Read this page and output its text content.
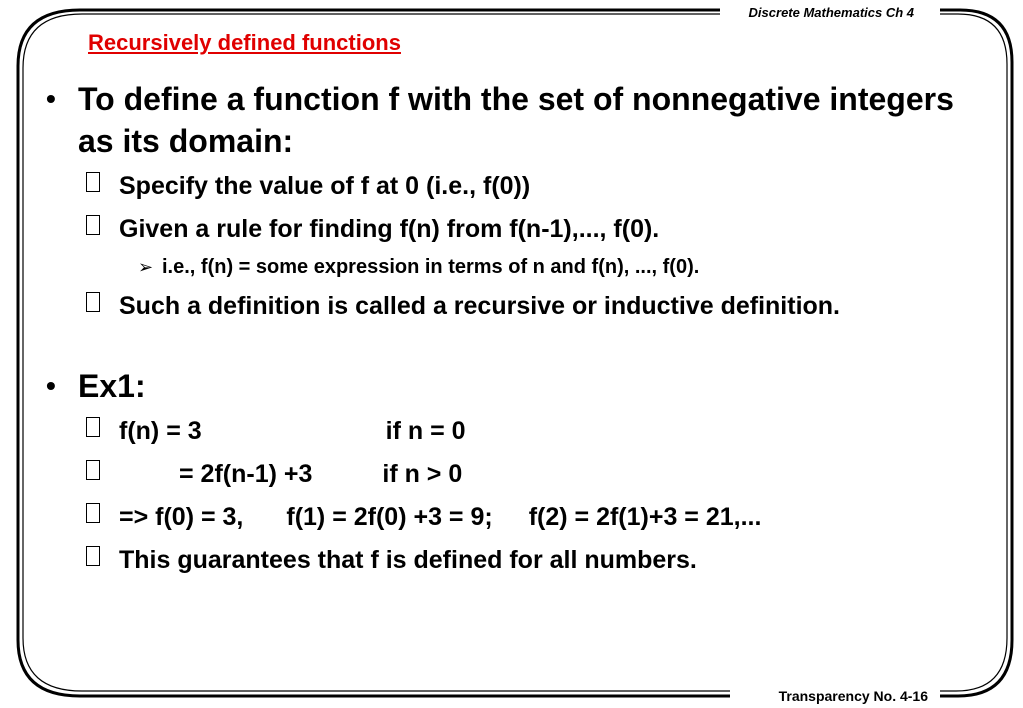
Discrete Mathematics Ch 4
Transparency No. 4-16
Recursively defined functions
• To define a function f with the set of nonnegative integers as its domain:
Specify the value of f at 0 (i.e., f(0))
Given a rule for finding f(n) from f(n-1),..., f(0).
➢ i.e., f(n) = some expression in terms of n and f(n), ..., f(0).
Such a definition is called a recursive or inductive definition.
• Ex1:
f(n) = 3	if n = 0
= 2f(n-1) +3	if n > 0
=> f(0) = 3, f(1) = 2f(0) +3 = 9; f(2) = 2f(1)+3 = 21,...
This guarantees that f is defined for all numbers.
